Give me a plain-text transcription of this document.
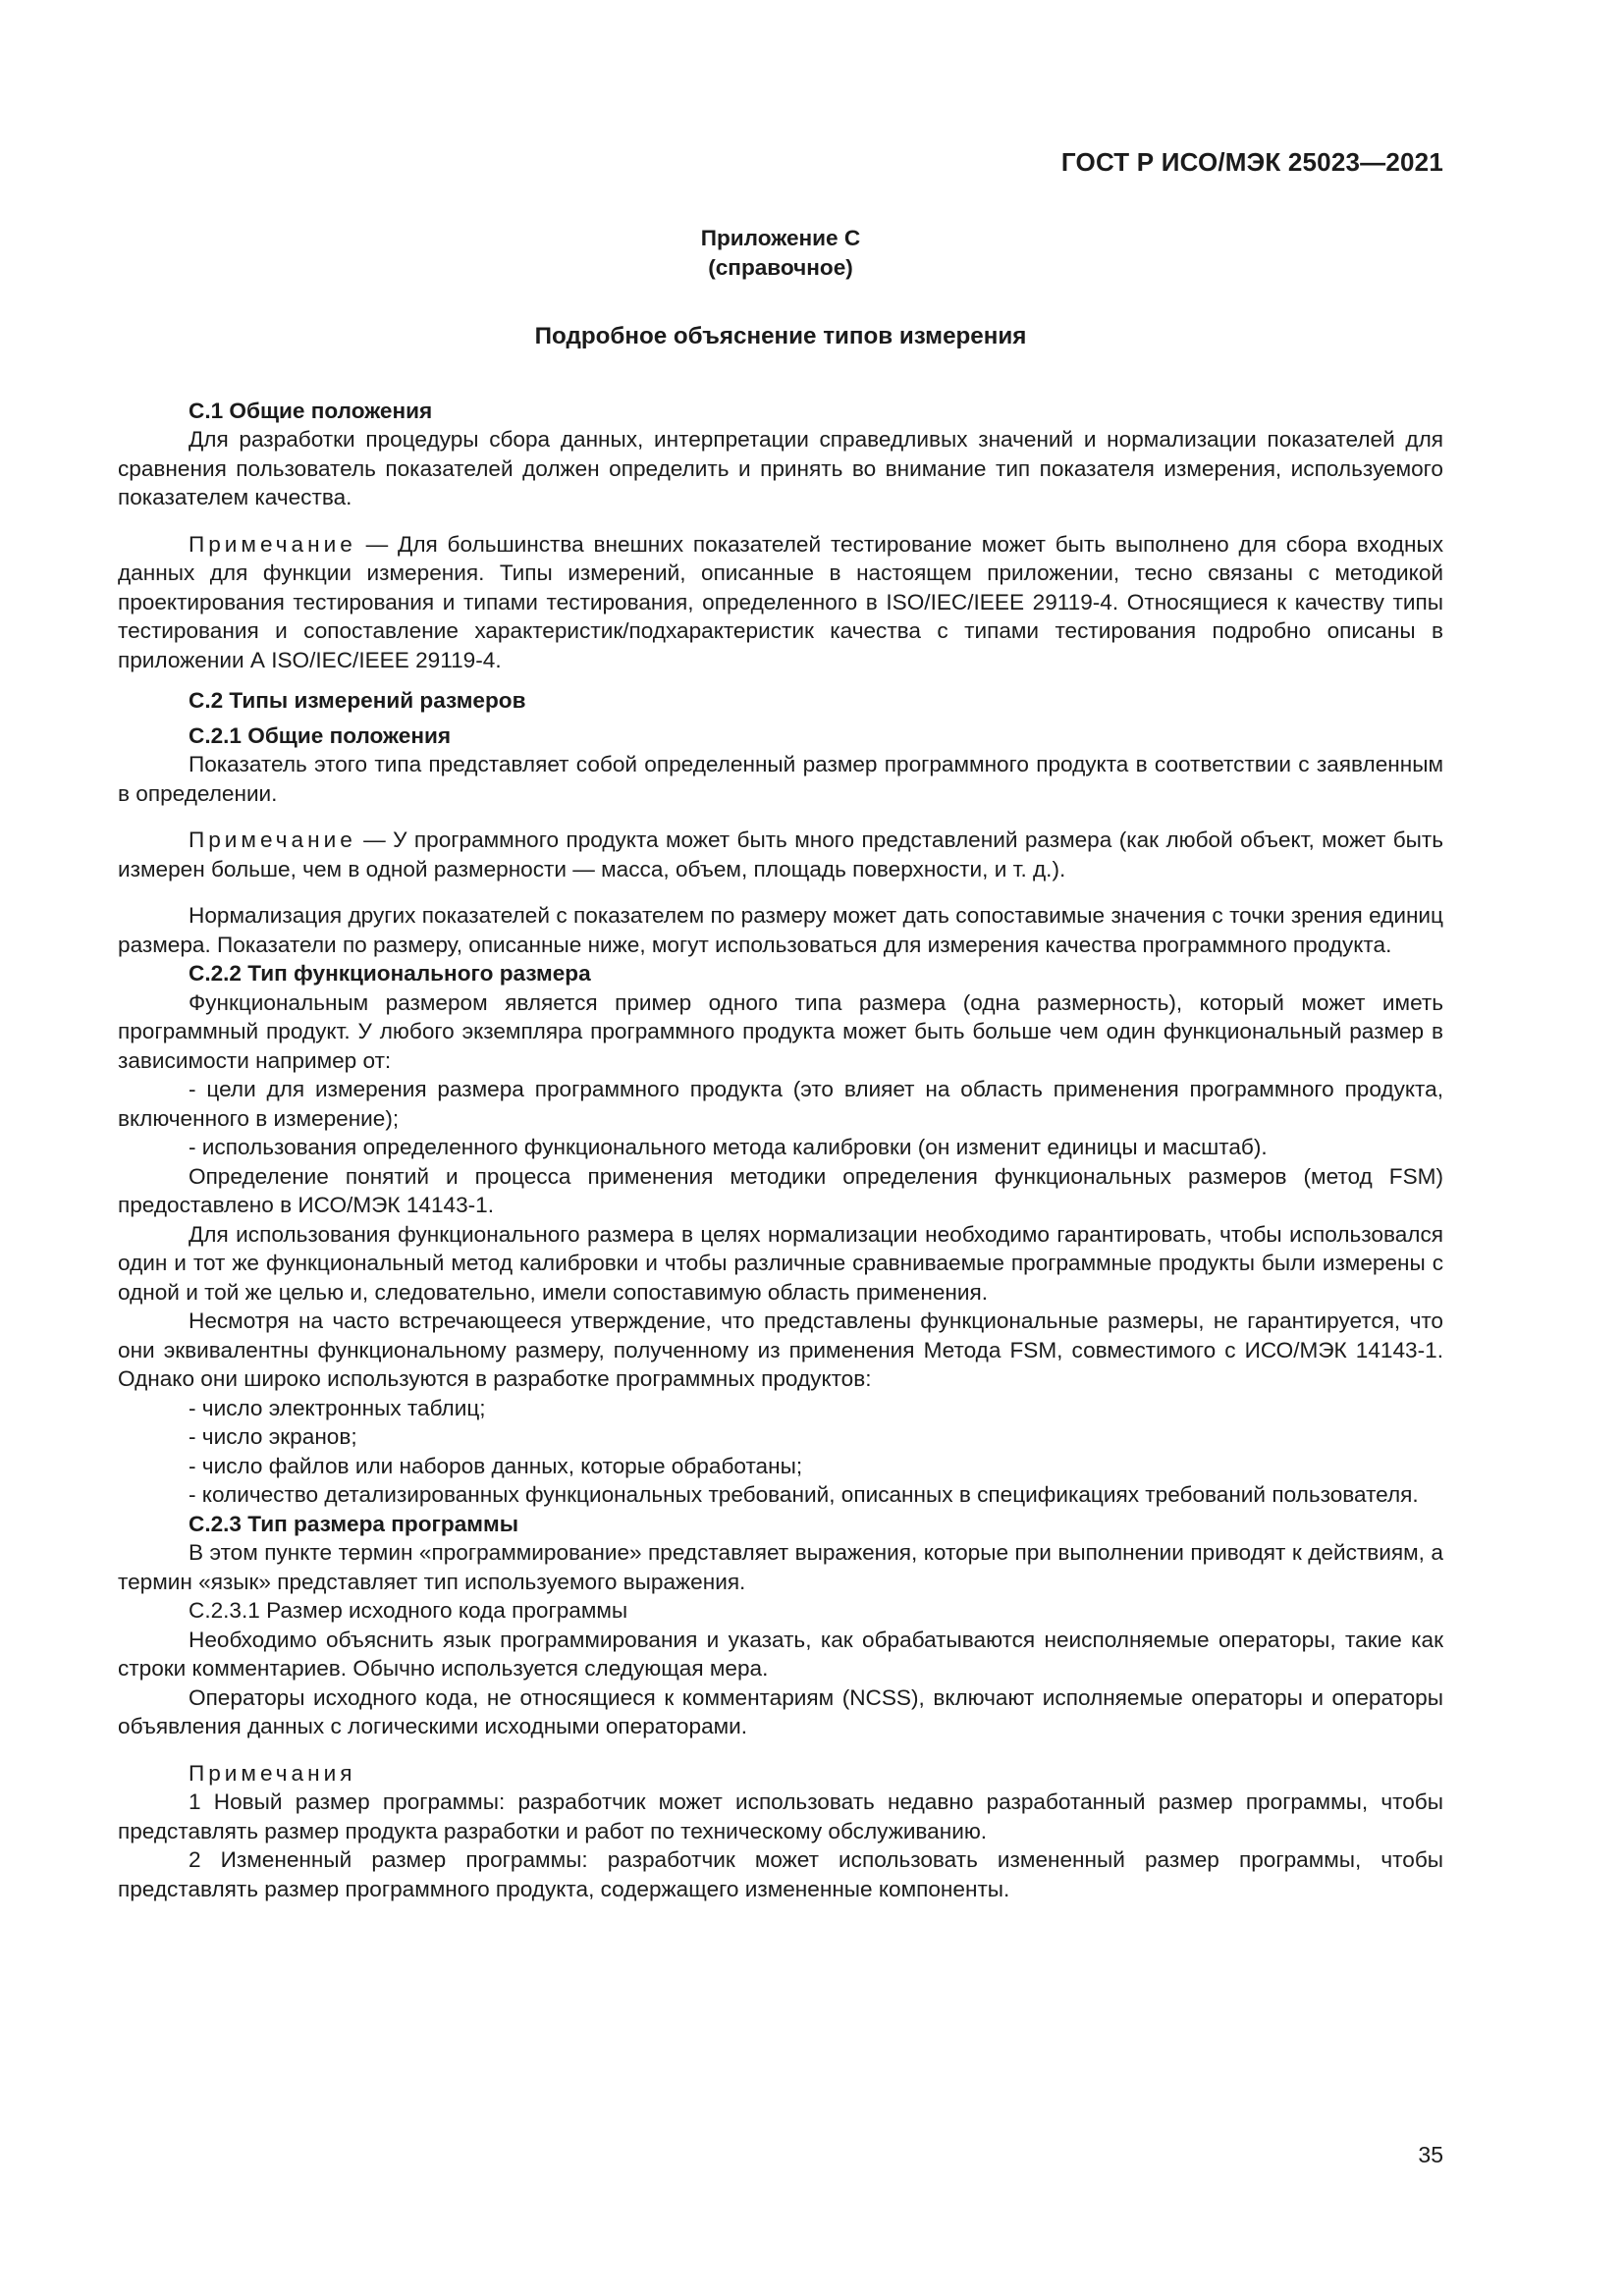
ГОСТ Р ИСО/МЭК 25023—2021
Приложение С
(справочное)
Подробное объяснение типов измерения
С.1 Общие положения

Для разработки процедуры сбора данных, интерпретации справедливых значений и нормализации показателей для сравнения пользователь показателей должен определить и принять во внимание тип показателя измерения, используемого показателем качества.

Примечание — Для большинства внешних показателей тестирование может быть выполнено для сбора входных данных для функции измерения. Типы измерений, описанные в настоящем приложении, тесно связаны с методикой проектирования тестирования и типами тестирования, определенного в ISO/IEC/IEEE 29119-4. Относящиеся к качеству типы тестирования и сопоставление характеристик/подхарактеристик качества с типами тестирования подробно описаны в приложении А ISO/IEC/IEEE 29119-4.

С.2 Типы измерений размеров
С.2.1 Общие положения

Показатель этого типа представляет собой определенный размер программного продукта в соответствии с заявленным в определении.

Примечание — У программного продукта может быть много представлений размера (как любой объект, может быть измерен больше, чем в одной размерности — масса, объем, площадь поверхности, и т. д.).

Нормализация других показателей с показателем по размеру может дать сопоставимые значения с точки зрения единиц размера. Показатели по размеру, описанные ниже, могут использоваться для измерения качества программного продукта.

С.2.2 Тип функционального размера

Функциональным размером является пример одного типа размера (одна размерность), который может иметь программный продукт. У любого экземпляра программного продукта может быть больше чем один функциональный размер в зависимости например от:

- цели для измерения размера программного продукта (это влияет на область применения программного продукта, включенного в измерение);

- использования определенного функционального метода калибровки (он изменит единицы и масштаб).

Определение понятий и процесса применения методики определения функциональных размеров (метод FSM) предоставлено в ИСО/МЭК 14143-1.

Для использования функционального размера в целях нормализации необходимо гарантировать, чтобы использовался один и тот же функциональный метод калибровки и чтобы различные сравниваемые программные продукты были измерены с одной и той же целью и, следовательно, имели сопоставимую область применения.

Несмотря на часто встречающееся утверждение, что представлены функциональные размеры, не гарантируется, что они эквивалентны функциональному размеру, полученному из применения Метода FSM, совместимого с ИСО/МЭК 14143-1. Однако они широко используются в разработке программных продуктов:

- число электронных таблиц;

- число экранов;

- число файлов или наборов данных, которые обработаны;

- количество детализированных функциональных требований, описанных в спецификациях требований пользователя.

С.2.3 Тип размера программы

В этом пункте термин «программирование» представляет выражения, которые при выполнении приводят к действиям, а термин «язык» представляет тип используемого выражения.

С.2.3.1 Размер исходного кода программы

Необходимо объяснить язык программирования и указать, как обрабатываются неисполняемые операторы, такие как строки комментариев. Обычно используется следующая мера.

Операторы исходного кода, не относящиеся к комментариям (NCSS), включают исполняемые операторы и операторы объявления данных с логическими исходными операторами.

Примечания

1 Новый размер программы: разработчик может использовать недавно разработанный размер программы, чтобы представлять размер продукта разработки и работ по техническому обслуживанию.

2 Измененный размер программы: разработчик может использовать измененный размер программы, чтобы представлять размер программного продукта, содержащего измененные компоненты.

35
